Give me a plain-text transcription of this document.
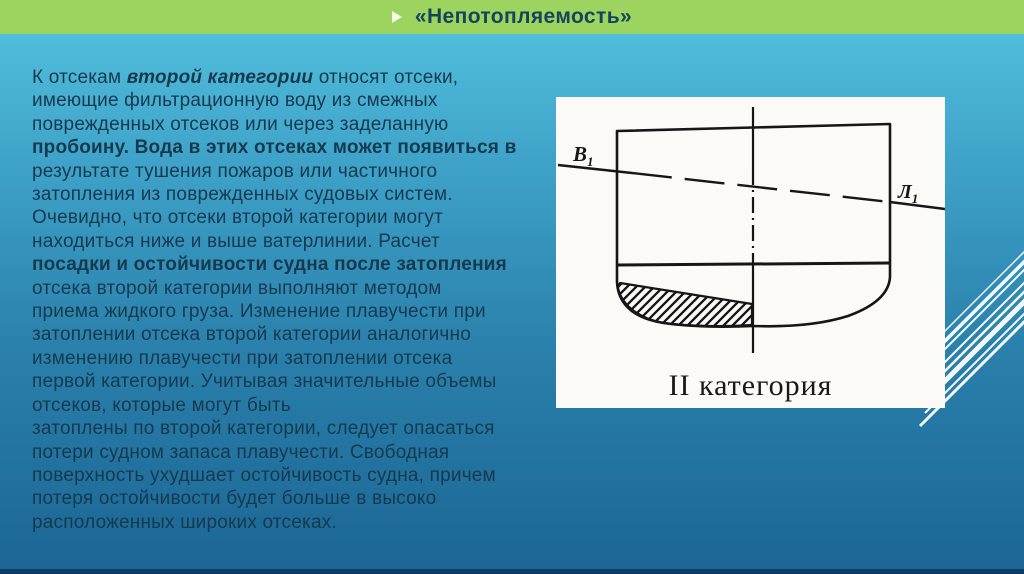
«Непотопляемость»
К отсекам второй категории относят отсеки,
имеющие фильтрационную воду из смежных
поврежденных отсеков или через заделанную
пробоину. Вода в этих отсеках может появиться в
результате тушения пожаров или частичного
затопления из поврежденных судовых систем.
Очевидно, что отсеки второй категории могут
находиться ниже и выше ватерлинии. Расчет
посадки и остойчивости судна после затопления
отсека второй категории выполняют методом
приема жидкого груза. Изменение плавучести при
затоплении отсека второй категории аналогично
изменению плавучести при затоплении отсека
первой категории. Учитывая значительные объемы
отсеков, которые могут быть
затоплены по второй категории, следует опасаться
потери судном запаса плавучести. Свободная
поверхность ухудшает остойчивость судна, причем
потеря остойчивости будет больше в высоко
расположенных широких отсеках.
$В_1$
$Л_1$
II категория
